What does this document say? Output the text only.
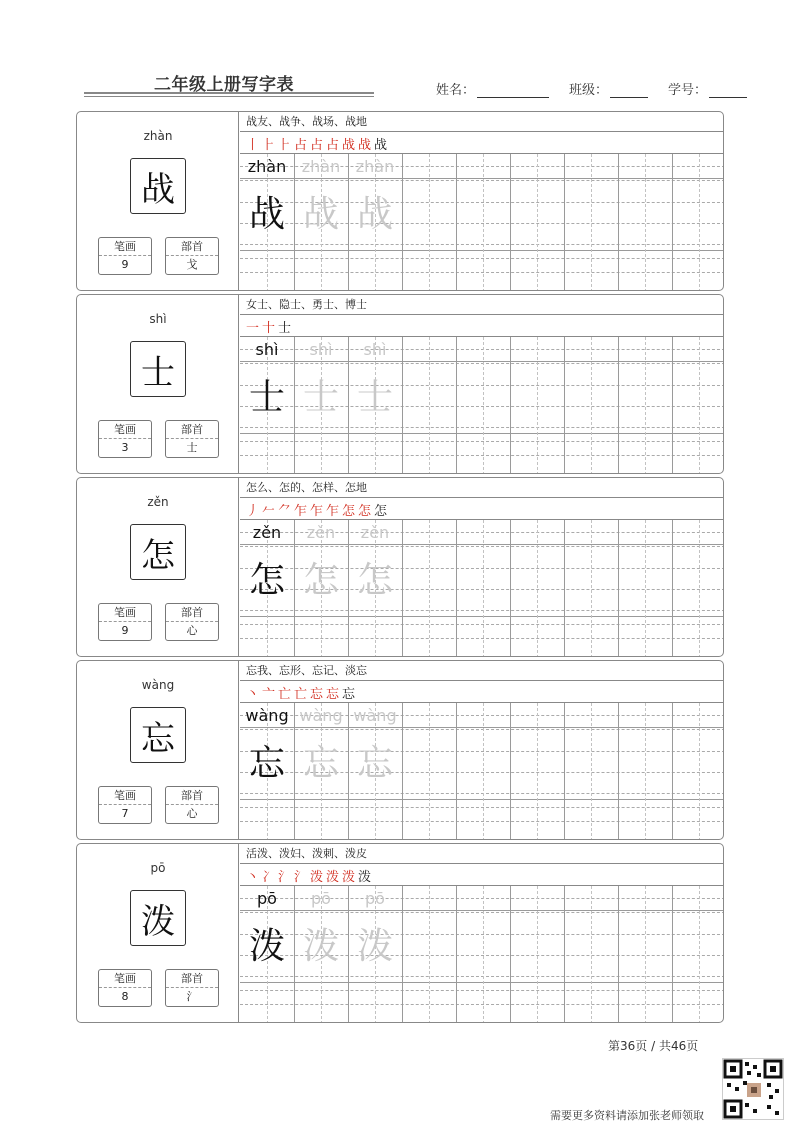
二年级上册写字表	姓名：	班级：	学号：
zhàn
战
笔画
9
部首
戈
战友、战争、战场、战地
丨 ⺊ ⺊ 占 占 占 战 战 战
zhàn
战
zhàn
战
zhàn
战
shì
士
笔画
3
部首
士
女士、隐士、勇士、博士
一 十 士
shì
士
shì
士
shì
士
zěn
怎
笔画
9
部首
心
怎么、怎的、怎样、怎地
丿 𠂉 ⺈ 乍 乍 乍 怎 怎 怎
zěn
怎
zěn
怎
zěn
怎
wàng
忘
笔画
7
部首
心
忘我、忘形、忘记、淡忘
丶 亠 亡 亡 忘 忘 忘
wàng
忘
wàng
忘
wàng
忘
pō
泼
笔画
8
部首
氵
活泼、泼妇、泼刺、泼皮
丶 冫 氵 氵 泼 泼 泼 泼
pō
泼
pō
泼
pō
泼
第36页 / 共46页
需要更多资料请添加张老师领取
